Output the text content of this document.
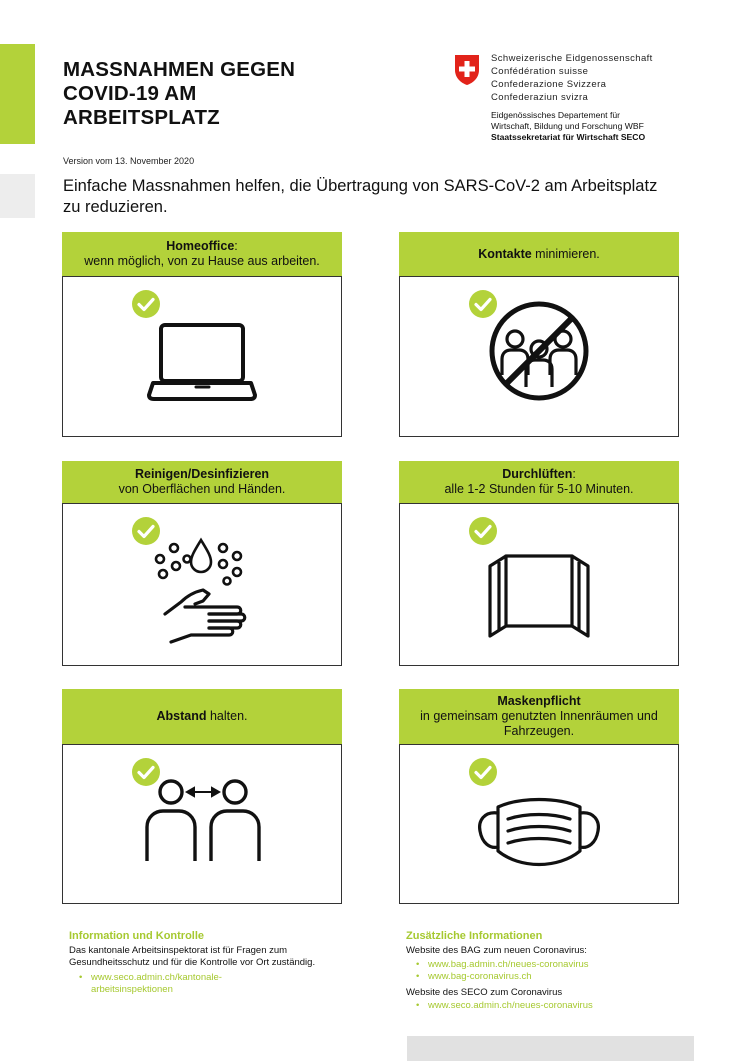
MASSNAHMEN GEGEN
COVID-19 AM
ARBEITSPLATZ
Schweizerische Eidgenossenschaft
Confédération suisse
Confederazione Svizzera
Confederaziun svizra
Eidgenössisches Departement für
Wirtschaft, Bildung und Forschung WBF
Staatssekretariat für Wirtschaft SECO
Version vom 13. November 2020
Einfache Massnahmen helfen, die Übertragung von SARS-CoV-2 am Arbeitsplatz zu reduzieren.
Homeoffice:
wenn möglich, von zu Hause aus arbeiten.
Kontakte minimieren.
Reinigen/Desinfizieren
von Oberflächen und Händen.
Durchlüften:
alle 1-2 Stunden für 5-10 Minuten.
Abstand halten.
Maskenpflicht
in gemeinsam genutzten Innenräumen und
Fahrzeugen.
Information und Kontrolle

Das kantonale Arbeitsinspektorat ist für Fragen zum Gesundheitsschutz und für die Kontrolle vor Ort zuständig.

• www.seco.admin.ch/kantonale-
arbeitsinspektionen
Zusätzliche Informationen

Website des BAG zum neuen Coronavirus:

• www.bag.admin.ch/neues-coronavirus
• www.bag-coronavirus.ch

Website des SECO zum Coronavirus

• www.seco.admin.ch/neues-coronavirus
